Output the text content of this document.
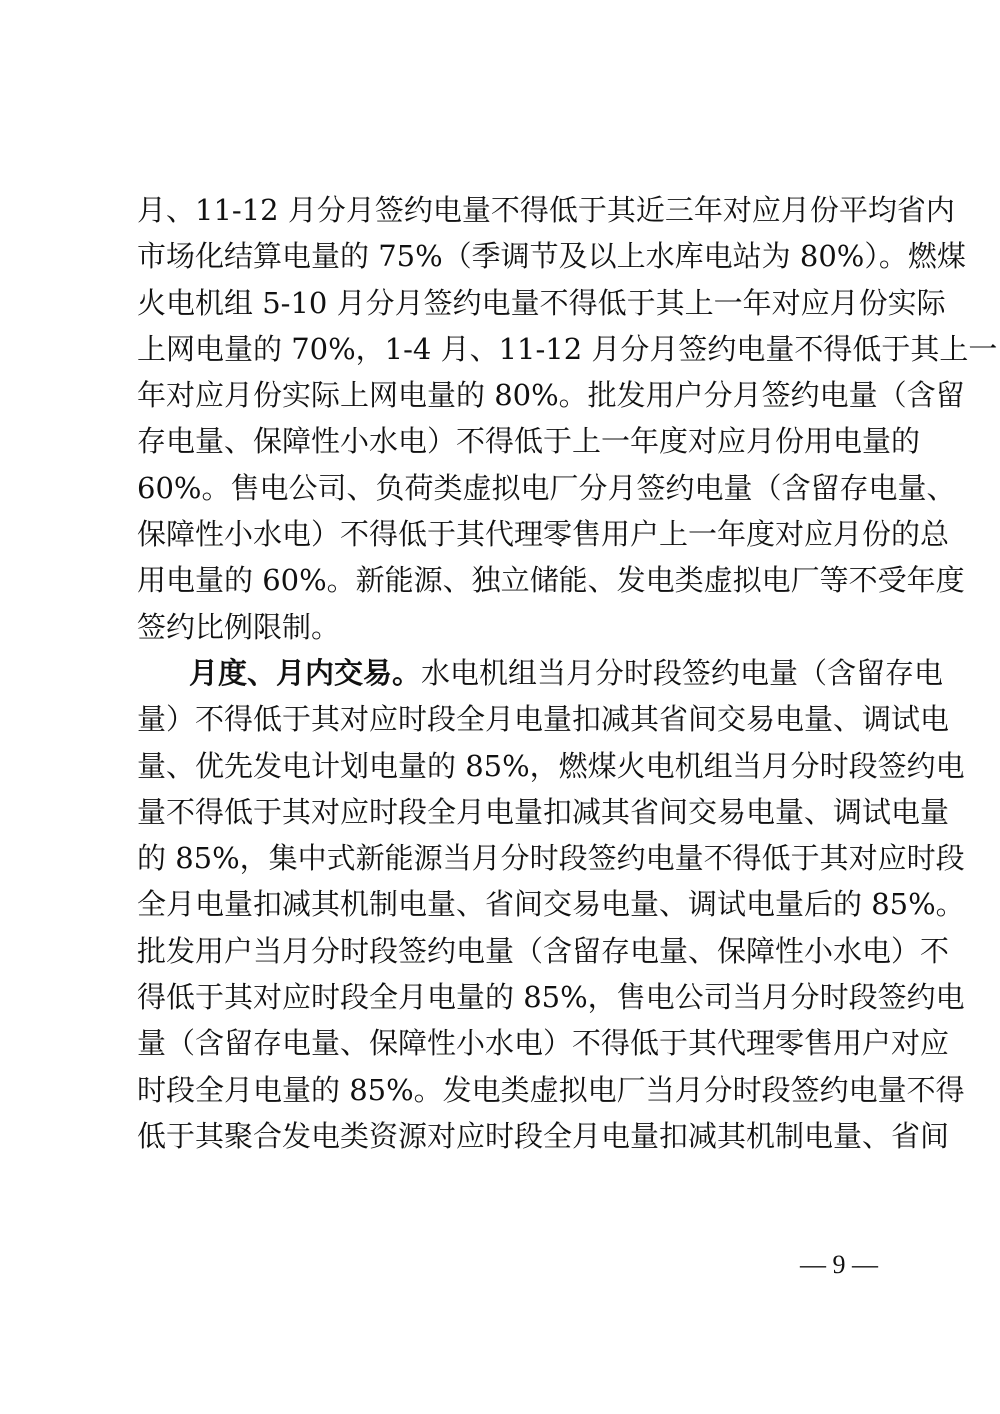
月、11-12 月分月签约电量不得低于其近三年对应月份平均省内
市场化结算电量的 75%（季调节及以上水库电站为 80%）。燃煤
火电机组 5-10 月分月签约电量不得低于其上一年对应月份实际
上网电量的 70%，1-4 月、11-12 月分月签约电量不得低于其上一
年对应月份实际上网电量的 80%。批发用户分月签约电量（含留
存电量、保障性小水电）不得低于上一年度对应月份用电量的
60%。售电公司、负荷类虚拟电厂分月签约电量（含留存电量、
保障性小水电）不得低于其代理零售用户上一年度对应月份的总
用电量的 60%。新能源、独立储能、发电类虚拟电厂等不受年度
签约比例限制。
月度、月内交易。水电机组当月分时段签约电量（含留存电
量）不得低于其对应时段全月电量扣减其省间交易电量、调试电
量、优先发电计划电量的 85%，燃煤火电机组当月分时段签约电
量不得低于其对应时段全月电量扣减其省间交易电量、调试电量
的 85%，集中式新能源当月分时段签约电量不得低于其对应时段
全月电量扣减其机制电量、省间交易电量、调试电量后的 85%。
批发用户当月分时段签约电量（含留存电量、保障性小水电）不
得低于其对应时段全月电量的 85%，售电公司当月分时段签约电
量（含留存电量、保障性小水电）不得低于其代理零售用户对应
时段全月电量的 85%。发电类虚拟电厂当月分时段签约电量不得
低于其聚合发电类资源对应时段全月电量扣减其机制电量、省间
— 9 —
